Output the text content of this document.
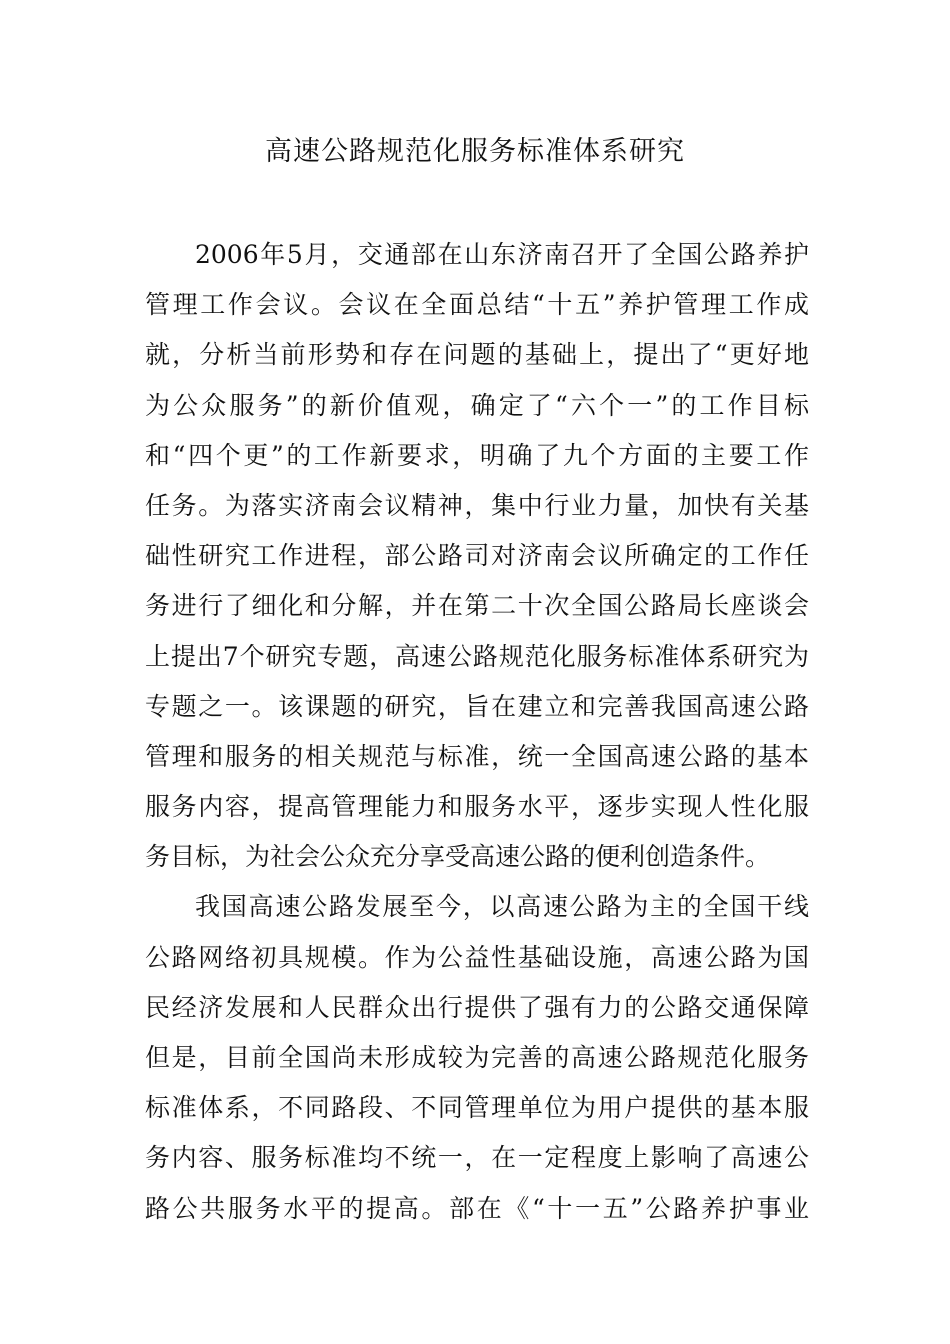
高速公路规范化服务标准体系研究
2006年5月，交通部在山东济南召开了全国公路养护
管理工作会议。会议在全面总结“十五”养护管理工作成
就，分析当前形势和存在问题的基础上，提出了“更好地
为公众服务”的新价值观，确定了“六个一”的工作目标
和“四个更”的工作新要求，明确了九个方面的主要工作
任务。为落实济南会议精神，集中行业力量，加快有关基
础性研究工作进程，部公路司对济南会议所确定的工作任
务进行了细化和分解，并在第二十次全国公路局长座谈会
上提出7个研究专题，高速公路规范化服务标准体系研究为
专题之一。该课题的研究，旨在建立和完善我国高速公路
管理和服务的相关规范与标准，统一全国高速公路的基本
服务内容，提高管理能力和服务水平，逐步实现人性化服
务目标，为社会公众充分享受高速公路的便利创造条件。
我国高速公路发展至今，以高速公路为主的全国干线
公路网络初具规模。作为公益性基础设施，高速公路为国
民经济发展和人民群众出行提供了强有力的公路交通保障
但是，目前全国尚未形成较为完善的高速公路规范化服务
标准体系，不同路段、不同管理单位为用户提供的基本服
务内容、服务标准均不统一，在一定程度上影响了高速公
路公共服务水平的提高。部在《“十一五”公路养护事业
